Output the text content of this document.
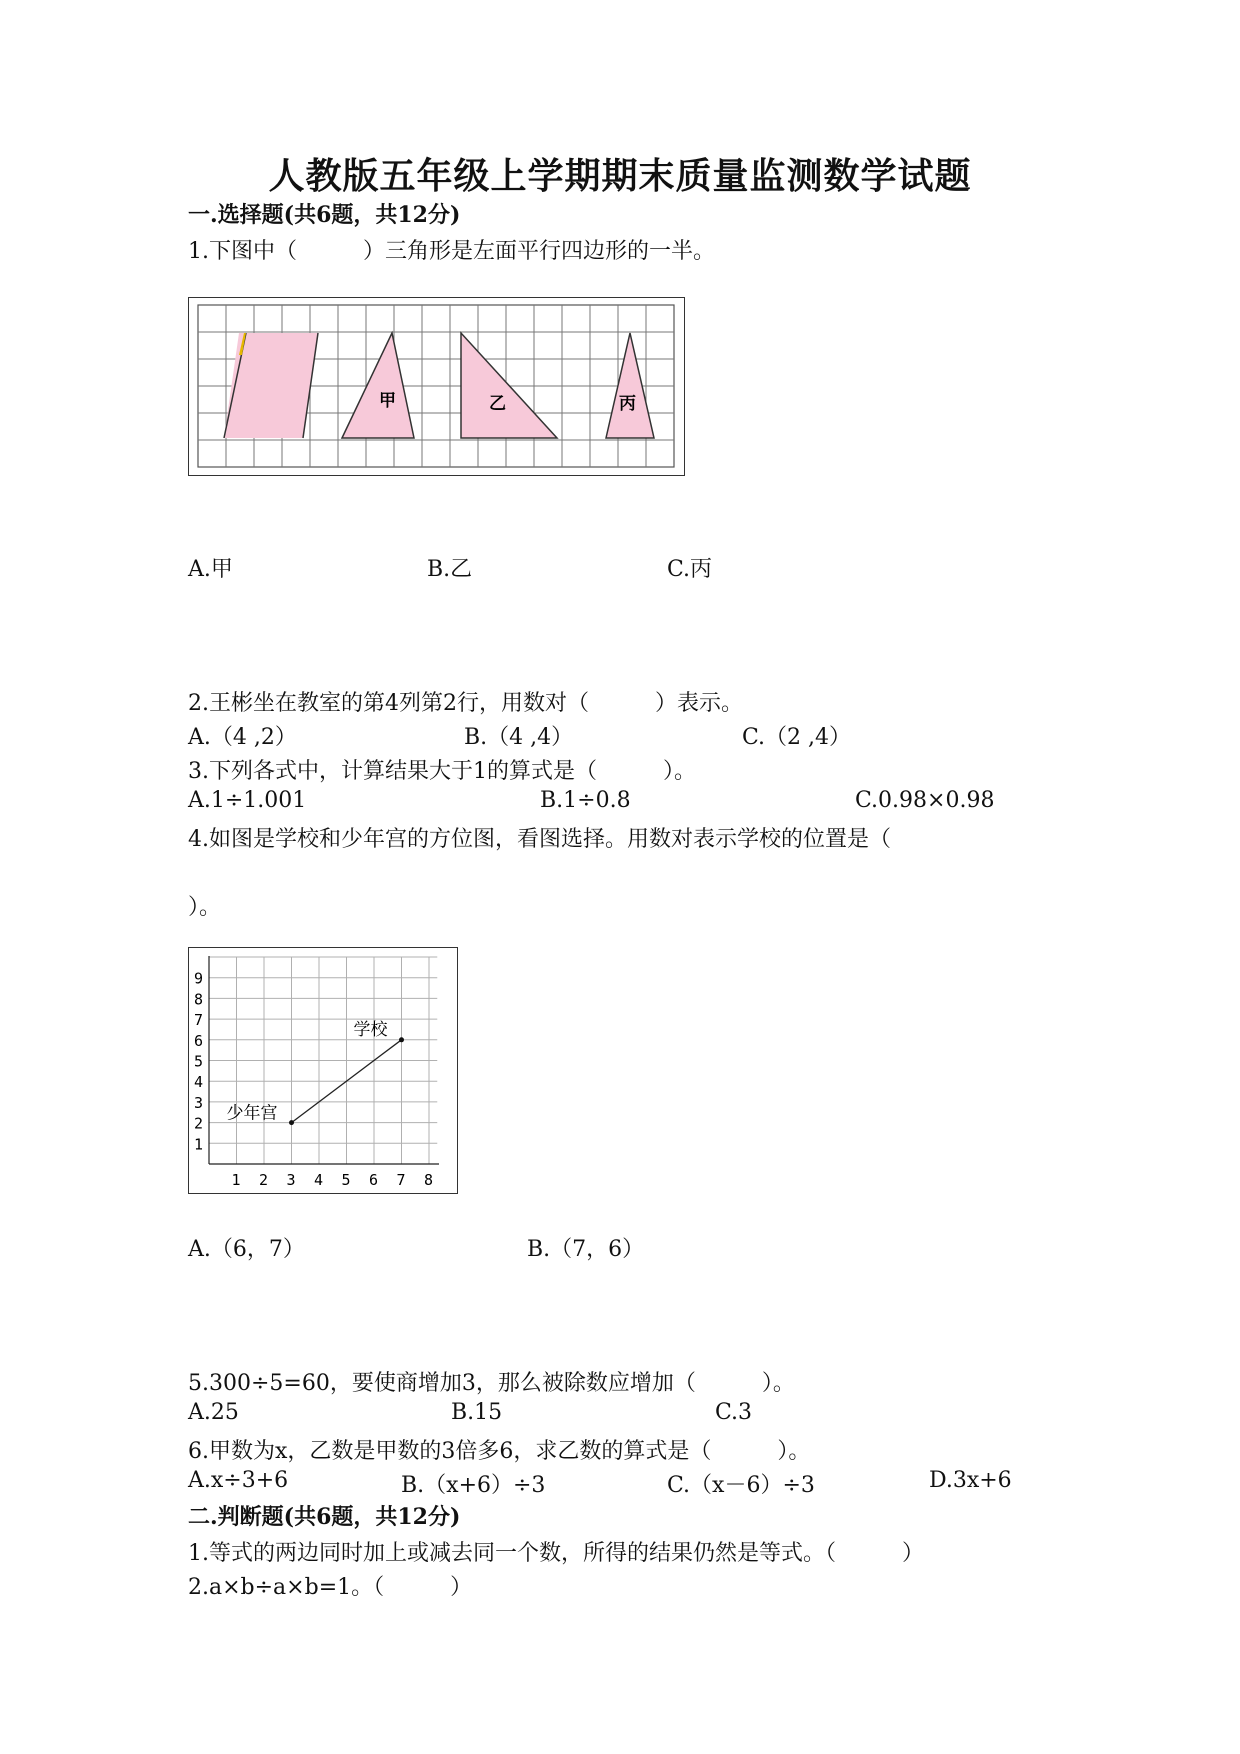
人教版五年级上学期期末质量监测数学试题
一.选择题(共6题，共12分)
1.下图中（　　　）三角形是左面平行四边形的一半。
甲	乙	丙
A.甲	B.乙	C.丙
2.王彬坐在教室的第4列第2行，用数对（　　　）表示。
A.（4 ,2）	B.（4 ,4）	C.（2 ,4）
3.下列各式中，计算结果大于1的算式是（　　　）。
A.1÷1.001	B.1÷0.8	C.0.98×0.98
4.如图是学校和少年宫的方位图，看图选择。用数对表示学校的位置是（
）。
1
2
3
4
5
6
7
8
9
1 2 3 4 5 6 7 8
学校
少年宫
A.（6，7）	B.（7，6）
5.300÷5=60，要使商增加3，那么被除数应增加（　　　）。
A.25	B.15	C.3
6.甲数为x，乙数是甲数的3倍多6，求乙数的算式是（　　　）。
A.x÷3+6	B.（x+6）÷3	C.（x－6）÷3	D.3x+6
二.判断题(共6题，共12分)
1.等式的两边同时加上或减去同一个数，所得的结果仍然是等式。（　　　）
2.a×b÷a×b=1。（　　　）
